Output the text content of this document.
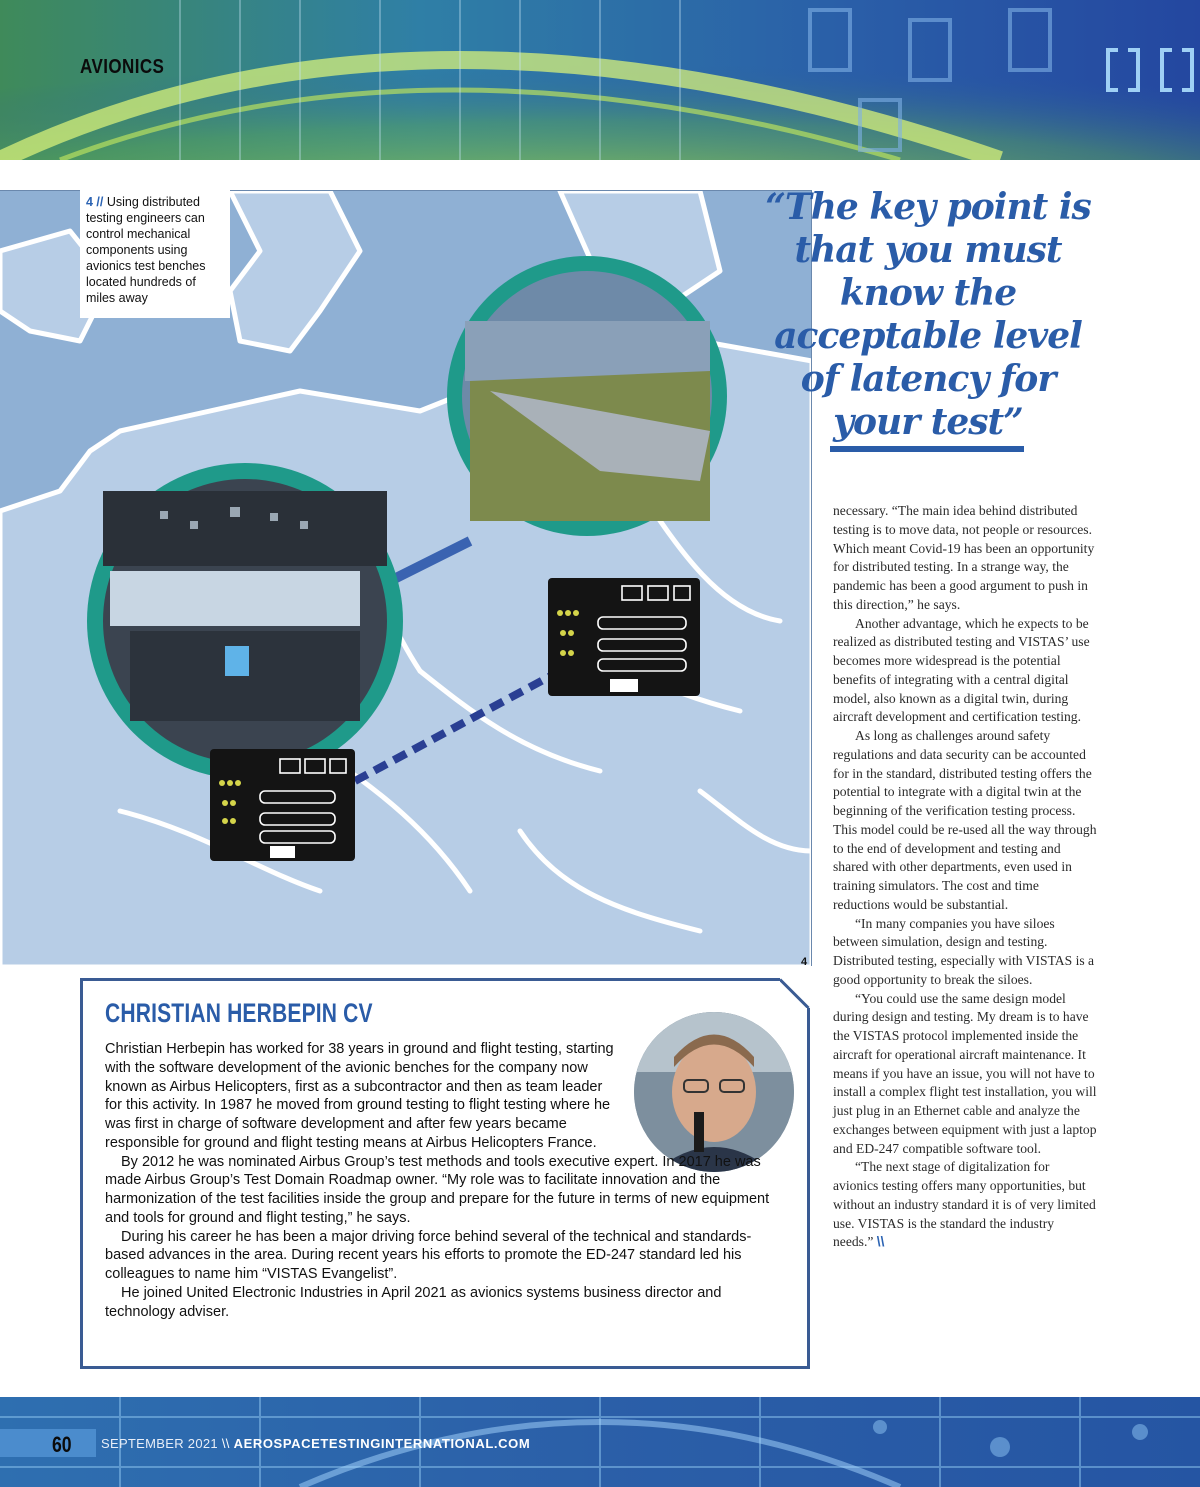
AVIONICS
4 // Using distributed testing engineers can control mechanical components using avionics test benches located hundreds of miles away
4
“The key point is that you must know the acceptable level of latency for your test”

necessary. “The main idea behind distributed testing is to move data, not people or resources. Which meant Covid-19 has been an opportunity for distributed testing. In a strange way, the pandemic has been a good argument to push in this direction,” he says.

Another advantage, which he expects to be realized as distributed testing and VISTAS’ use becomes more widespread is the potential benefits of integrating with a central digital model, also known as a digital twin, during aircraft development and certification testing.

As long as challenges around safety regulations and data security can be accounted for in the standard, distributed testing offers the potential to integrate with a digital twin at the beginning of the verification testing process. This model could be re-used all the way through to the end of development and testing and shared with other departments, even used in training simulators. The cost and time reductions would be substantial.

“In many companies you have siloes between simulation, design and testing. Distributed testing, especially with VISTAS is a good opportunity to break the siloes.

“You could use the same design model during design and testing. My dream is to have the VISTAS protocol implemented inside the aircraft for operational aircraft maintenance. It means if you have an issue, you will not have to install a complex flight test installation, you will just plug in an Ethernet cable and analyze the exchanges between equipment with just a laptop and ED-247 compatible software tool.

“The next stage of digitalization for avionics testing offers many opportunities, but without an industry standard it is of very limited use. VISTAS is the standard the industry needs.” \\

CHRISTIAN HERBEPIN CV

Christian Herbepin has worked for 38 years in ground and flight testing, starting with the software development of the avionic benches for the company now known as Airbus Helicopters, first as a subcontractor and then as team leader for this activity. In 1987 he moved from ground testing to flight testing where he was first in charge of software development and after few years became responsible for ground and flight testing means at Airbus Helicopters France.

By 2012 he was nominated Airbus Group’s test methods and tools executive expert. In 2017 he was made Airbus Group’s Test Domain Roadmap owner. “My role was to facilitate innovation and the harmonization of the test facilities inside the group and prepare for the future in terms of new equipment and tools for ground and flight testing,” he says.

During his career he has been a major driving force behind several of the technical and standards-based advances in the area. During recent years his efforts to promote the ED-247 standard led his colleagues to name him “VISTAS Evangelist”.

He joined United Electronic Industries in April 2021 as avionics systems business director and technology adviser.

60 SEPTEMBER 2021 \\ AEROSPACETESTINGINTERNATIONAL.COM
